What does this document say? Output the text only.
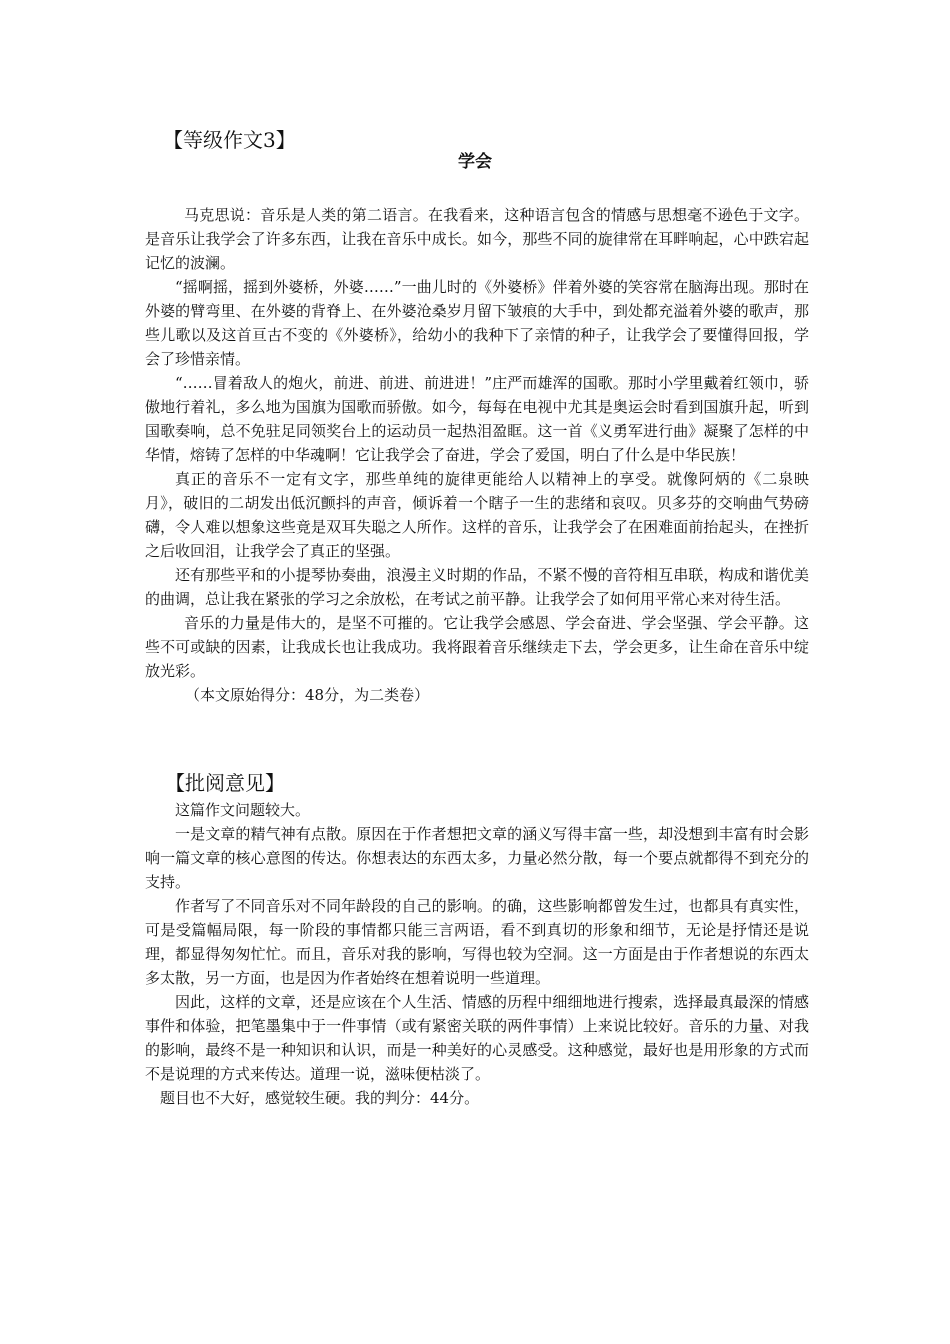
【等级作文3】
学会

马克思说：音乐是人类的第二语言。在我看来，这种语言包含的情感与思想毫不逊色于文字。是音乐让我学会了许多东西，让我在音乐中成长。如今，那些不同的旋律常在耳畔响起，心中跌宕起记忆的波澜。

“摇啊摇，摇到外婆桥，外婆……”一曲儿时的《外婆桥》伴着外婆的笑容常在脑海出现。那时在外婆的臂弯里、在外婆的背脊上、在外婆沧桑岁月留下皱痕的大手中，到处都充溢着外婆的歌声，那些儿歌以及这首亘古不变的《外婆桥》，给幼小的我种下了亲情的种子，让我学会了要懂得回报，学会了珍惜亲情。

“……冒着敌人的炮火，前进、前进、前进进！”庄严而雄浑的国歌。那时小学里戴着红领巾，骄傲地行着礼，多么地为国旗为国歌而骄傲。如今，每每在电视中尤其是奥运会时看到国旗升起，听到国歌奏响，总不免驻足同领奖台上的运动员一起热泪盈眶。这一首《义勇军进行曲》凝聚了怎样的中华情，熔铸了怎样的中华魂啊！它让我学会了奋进，学会了爱国，明白了什么是中华民族！

真正的音乐不一定有文字，那些单纯的旋律更能给人以精神上的享受。就像阿炳的《二泉映月》，破旧的二胡发出低沉颤抖的声音，倾诉着一个瞎子一生的悲绪和哀叹。贝多芬的交响曲气势磅礴，令人难以想象这些竟是双耳失聪之人所作。这样的音乐，让我学会了在困难面前抬起头，在挫折之后收回泪，让我学会了真正的坚强。

还有那些平和的小提琴协奏曲，浪漫主义时期的作品，不紧不慢的音符相互串联，构成和谐优美的曲调，总让我在紧张的学习之余放松，在考试之前平静。让我学会了如何用平常心来对待生活。

音乐的力量是伟大的，是坚不可摧的。它让我学会感恩、学会奋进、学会坚强、学会平静。这些不可或缺的因素，让我成长也让我成功。我将跟着音乐继续走下去，学会更多，让生命在音乐中绽放光彩。

（本文原始得分：48分，为二类卷）

【批阅意见】

这篇作文问题较大。

一是文章的精气神有点散。原因在于作者想把文章的涵义写得丰富一些，却没想到丰富有时会影响一篇文章的核心意图的传达。你想表达的东西太多，力量必然分散，每一个要点就都得不到充分的支持。

作者写了不同音乐对不同年龄段的自己的影响。的确，这些影响都曾发生过，也都具有真实性，可是受篇幅局限，每一阶段的事情都只能三言两语，看不到真切的形象和细节，无论是抒情还是说理，都显得匆匆忙忙。而且，音乐对我的影响，写得也较为空洞。这一方面是由于作者想说的东西太多太散，另一方面，也是因为作者始终在想着说明一些道理。

因此，这样的文章，还是应该在个人生活、情感的历程中细细地进行搜索，选择最真最深的情感事件和体验，把笔墨集中于一件事情（或有紧密关联的两件事情）上来说比较好。音乐的力量、对我的影响，最终不是一种知识和认识，而是一种美好的心灵感受。这种感觉，最好也是用形象的方式而不是说理的方式来传达。道理一说，滋味便枯淡了。

题目也不大好，感觉较生硬。我的判分：44分。
